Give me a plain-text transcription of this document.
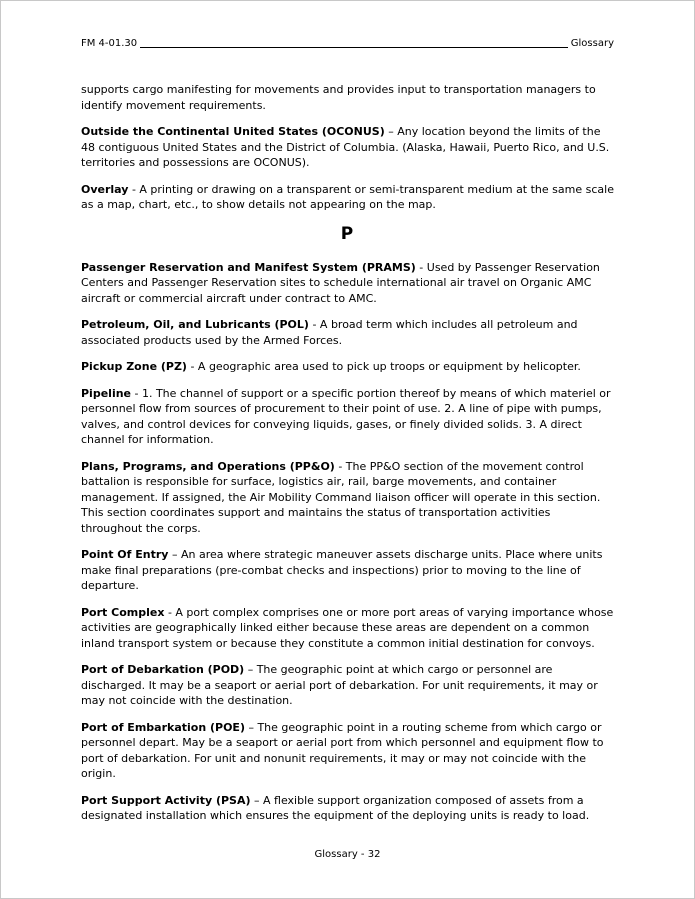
FM 4-01.30	Glossary

supports cargo manifesting for movements and provides input to transportation managers to identify movement requirements.

Outside the Continental United States (OCONUS) – Any location beyond the limits of the 48 contiguous United States and the District of Columbia. (Alaska, Hawaii, Puerto Rico, and U.S. territories and possessions are OCONUS).

Overlay - A printing or drawing on a transparent or semi-transparent medium at the same scale as a map, chart, etc., to show details not appearing on the map.

P

Passenger Reservation and Manifest System (PRAMS) - Used by Passenger Reservation Centers and Passenger Reservation sites to schedule international air travel on Organic AMC aircraft or commercial aircraft under contract to AMC.

Petroleum, Oil, and Lubricants (POL) - A broad term which includes all petroleum and associated products used by the Armed Forces.

Pickup Zone (PZ) - A geographic area used to pick up troops or equipment by helicopter.

Pipeline - 1. The channel of support or a specific portion thereof by means of which materiel or personnel flow from sources of procurement to their point of use. 2. A line of pipe with pumps, valves, and control devices for conveying liquids, gases, or finely divided solids. 3. A direct channel for information.

Plans, Programs, and Operations (PP&O) - The PP&O section of the movement control battalion is responsible for surface, logistics air, rail, barge movements, and container management. If assigned, the Air Mobility Command liaison officer will operate in this section. This section coordinates support and maintains the status of transportation activities throughout the corps.

Point Of Entry – An area where strategic maneuver assets discharge units. Place where units make final preparations (pre-combat checks and inspections) prior to moving to the line of departure.

Port Complex - A port complex comprises one or more port areas of varying importance whose activities are geographically linked either because these areas are dependent on a common inland transport system or because they constitute a common initial destination for convoys.

Port of Debarkation (POD) – The geographic point at which cargo or personnel are discharged. It may be a seaport or aerial port of debarkation. For unit requirements, it may or may not coincide with the destination.

Port of Embarkation (POE) – The geographic point in a routing scheme from which cargo or personnel depart. May be a seaport or aerial port from which personnel and equipment flow to port of debarkation. For unit and nonunit requirements, it may or may not coincide with the origin.

Port Support Activity (PSA) – A flexible support organization composed of assets from a designated installation which ensures the equipment of the deploying units is ready to load.

Glossary - 32
